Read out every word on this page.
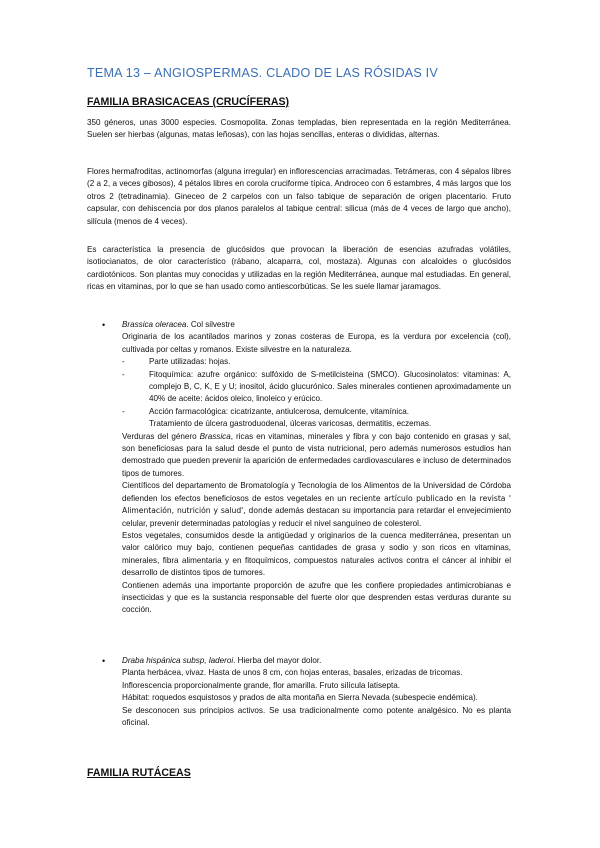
TEMA 13 – ANGIOSPERMAS. CLADO DE LAS RÓSIDAS IV
FAMILIA BRASICACEAS (CRUCÍFERAS)

350 géneros, unas 3000 especies. Cosmopolita. Zonas templadas, bien representada en la región Mediterránea. Suelen ser hierbas (algunas, matas leñosas), con las hojas sencillas, enteras o divididas, alternas.

Flores hermafroditas, actinomorfas (alguna irregular) en inflorescencias arracimadas. Tetrámeras, con 4 sépalos libres (2 a 2, a veces gibosos), 4 pétalos libres en corola cruciforme típica. Androceo con 6 estambres, 4 más largos que los otros 2 (tetradinamia). Gineceo de 2 carpelos con un falso tabique de separación de origen placentario. Fruto capsular, con dehiscencia por dos planos paralelos al tabique central: silicua (más de 4 veces de largo que ancho), silícula (menos de 4 veces).

Es característica la presencia de glucósidos que provocan la liberación de esencias azufradas volátiles, isotiocianatos, de olor característico (rábano, alcaparra, col, mostaza). Algunas con alcaloides o glucósidos cardiotónicos. Son plantas muy conocidas y utilizadas en la región Mediterránea, aunque mal estudiadas. En general, ricas en vitaminas, por lo que se han usado como antiescorbúticas. Se les suele llamar jaramagos.

• Brassica oleracea. Col silvestre

Originaria de los acantilados marinos y zonas costeras de Europa, es la verdura por excelencia (col), cultivada por celtas y romanos. Existe silvestre en la naturaleza.

-	Parte utilizadas: hojas.

-	Fitoquímica: azufre orgánico: sulfóxido de S-metilcisteina (SMCO). Glucosinolatos: vitaminas: A, complejo B, C, K, E y U; inositol, ácido glucurónico. Sales minerales contienen aproximadamente un 40% de aceite: ácidos oleico, linoleico y erúcico.

-	Acción farmacológica: cicatrizante, antiulcerosa, demulcente, vitamínica.
Tratamiento de úlcera gastroduodenal, úlceras varicosas, dermatitis, eczemas.

Verduras del género Brassica, ricas en vitaminas, minerales y fibra y con bajo contenido en grasas y sal, son beneficiosas para la salud desde el punto de vista nutricional, pero además numerosos estudios han demostrado que pueden prevenir la aparición de enfermedades cardiovasculares e incluso de determinados tipos de tumores.

Científicos del departamento de Bromatología y Tecnología de los Alimentos de la Universidad de Córdoba defienden los efectos beneficiosos de estos vegetales en un reciente artículo publicado en la revista ' Alimentación, nutrición y salud', donde además destacan su importancia para retardar el envejecimiento celular, prevenir determinadas patologías y reducir el nivel sanguíneo de colesterol.

Estos vegetales, consumidos desde la antigüedad y originarios de la cuenca mediterránea, presentan un valor calórico muy bajo, contienen pequeñas cantidades de grasa y sodio y son ricos en vitaminas, minerales, fibra alimentaria y en fitoquímicos, compuestos naturales activos contra el cáncer al inhibir el desarrollo de distintos tipos de tumores.

Contienen además una importante proporción de azufre que les confiere propiedades antimicrobianas e insecticidas y que es la sustancia responsable del fuerte olor que desprenden estas verduras durante su cocción.

• Draba hispánica subsp, laderoi. Hierba del mayor dolor.

Planta herbácea, vivaz. Hasta de unos 8 cm, con hojas enteras, basales, erizadas de tricomas.

Inflorescencia proporcionalmente grande, flor amarilla. Fruto silícula latisepta.

Hábitat: roquedos esquistosos y prados de alta montaña en Sierra Nevada (subespecie endémica).

Se desconocen sus principios activos. Se usa tradicionalmente como potente analgésico. No es planta oficinal.

FAMILIA RUTÁCEAS
